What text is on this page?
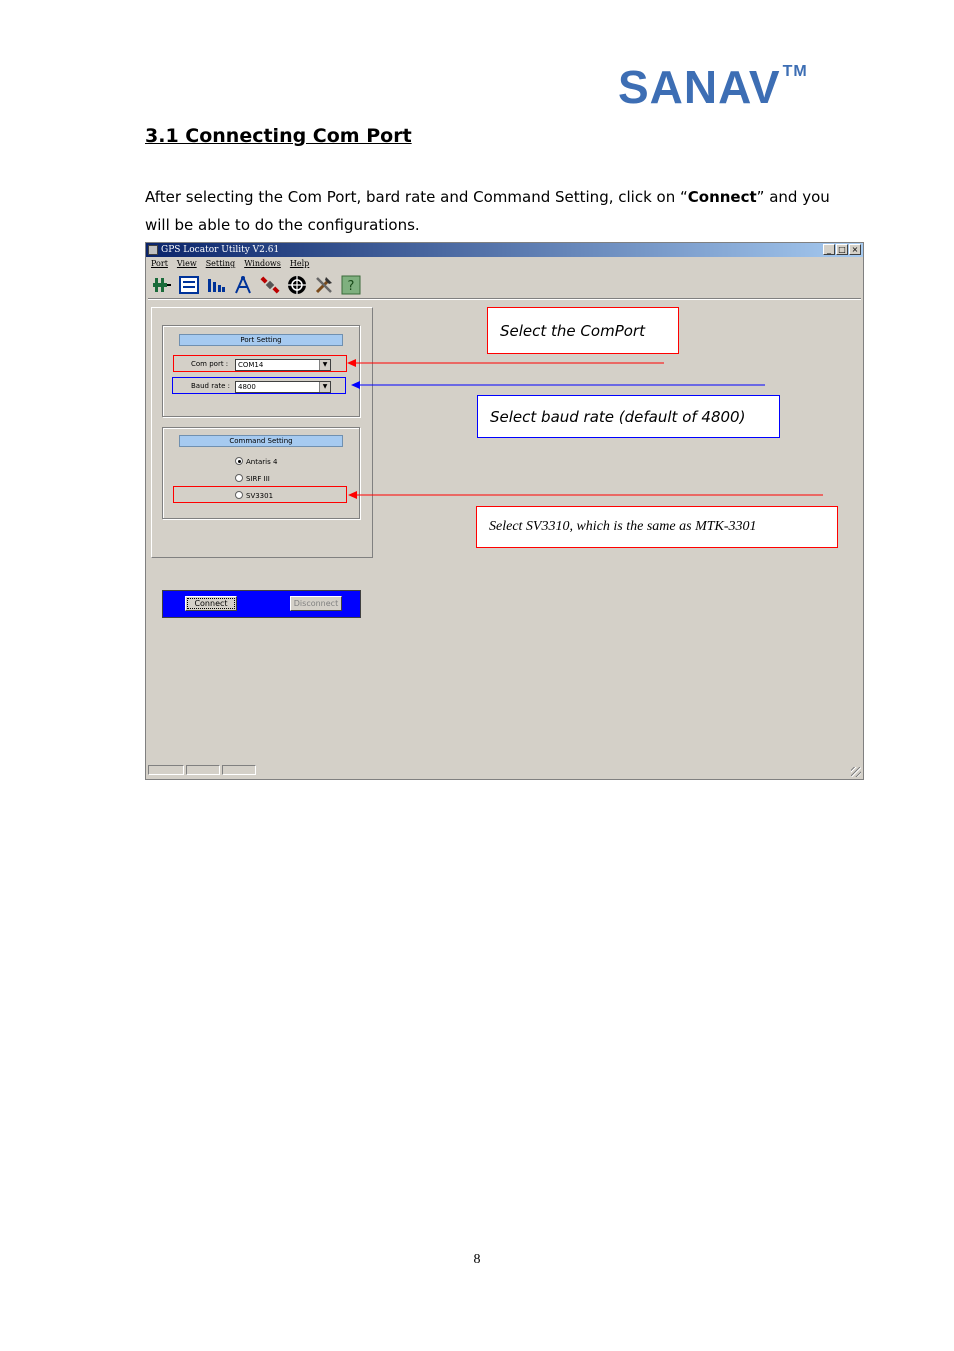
SANAV ™
3.1 Connecting Com Port
After selecting the Com Port, bard rate and Command Setting, click on “Connect” and you will be able to do the configurations.
GPS Locator Utility V2.61	_ □ ×
Port View Setting Windows Help
?
Port Setting
Com port :	COM14	▼
Baud rate :	4800	▼
Command Setting
Antaris 4
SIRF III
SV3301
Connect	Disconnect
Select the ComPort
Select baud rate (default of 4800)
Select SV3310, which is the same as MTK-3301
8
